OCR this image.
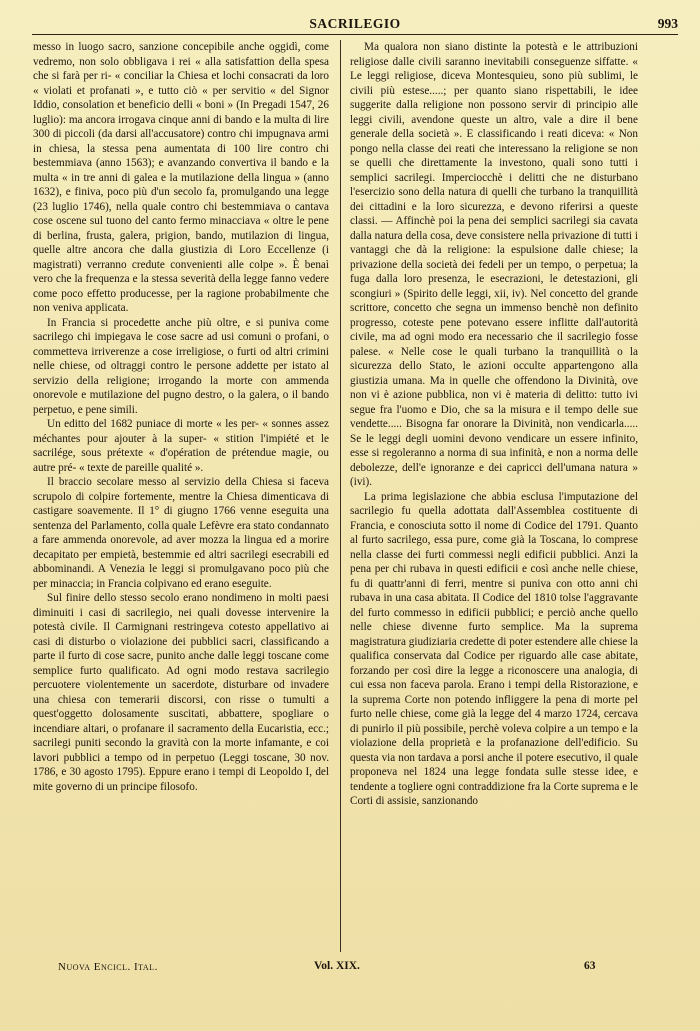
SACRILEGIO	993

messo in luogo sacro, sanzione concepibile anche oggidì, come vedremo, non solo obbligava i rei « alla satisfattion della spesa che si farà per ri- « conciliar la Chiesa et lochi consacrati da loro « violati et profanati », e tutto ciò « per servitio « del Signor Iddio, consolation et beneficio delli « boni » (In Pregadi 1547, 26 luglio): ma ancora irrogava cinque anni di bando e la multa di lire 300 di piccoli (da darsi all'accusatore) contro chi impugnava armi in chiesa, la stessa pena aumentata di 100 lire contro chi bestemmiava (anno 1563); e avanzando convertiva il bando e la multa « in tre anni di galea e la mutilazione della lingua » (anno 1632), e finiva, poco più d'un secolo fa, promulgando una legge (23 luglio 1746), nella quale contro chi bestemmiava o cantava cose oscene sul tuono del canto fermo minacciava « oltre le pene di berlina, frusta, galera, prigion, bando, mutilazion di lingua, quelle altre ancora che dalla giustizia di Loro Eccellenze (i magistrati) verranno credute convenienti alle colpe ». È benaì vero che la frequenza e la stessa severità della legge fanno vedere come poco effetto producesse, per la ragione probabilmente che non veniva applicata.

In Francia si procedette anche più oltre, e si puniva come sacrilego chi impiegava le cose sacre ad usi comuni o profani, o commetteva irriverenze a cose irreligiose, o furti od altri crimini nelle chiese, od oltraggi contro le persone addette per istato al servizio della religione; irrogando la morte con ammenda onorevole e mutilazione del pugno destro, o la galera, o il bando perpetuo, e pene simili.

Un editto del 1682 puniace di morte « les per- « sonnes assez méchantes pour ajouter à la super- « stition l'impiété et le sacrilége, sous prétexte « d'opération de prétendue magie, ou autre pré- « texte de pareille qualité ».

Il braccio secolare messo al servizio della Chiesa si faceva scrupolo di colpire fortemente, mentre la Chiesa dimenticava di castigare soavemente. Il 1° di giugno 1766 venne eseguita una sentenza del Parlamento, colla quale Lefèvre era stato condannato a fare ammenda onorevole, ad aver mozza la lingua ed a morire decapitato per empietà, bestemmie ed altri sacrilegi esecrabili ed abbominandi. A Venezia le leggi si promulgavano poco più che per minaccia; in Francia colpivano ed erano eseguite.

Sul finire dello stesso secolo erano nondimeno in molti paesi diminuiti i casi di sacrilegio, nei quali dovesse intervenire la potestà civile. Il Carmignani restringeva cotesto appellativo ai casi di disturbo o violazione dei pubblici sacri, classificando a parte il furto di cose sacre, punito anche dalle leggi toscane come semplice furto qualificato. Ad ogni modo restava sacrilegio percuotere violentemente un sacerdote, disturbare od invadere una chiesa con temerarii discorsi, con risse o tumulti a quest'oggetto dolosamente suscitati, abbattere, spogliare o incendiare altari, o profanare il sacramento della Eucaristia, ecc.; sacrilegi puniti secondo la gravità con la morte infamante, e coi lavori pubblici a tempo od in perpetuo (Leggi toscane, 30 nov. 1786, e 30 agosto 1795). Eppure erano i tempi di Leopoldo I, del mite governo di un principe filosofo.

Ma qualora non siano distinte la potestà e le attribuzioni religiose dalle civili saranno inevitabili conseguenze siffatte. « Le leggi religiose, diceva Montesquieu, sono più sublimi, le civili più estese.....; per quanto siano rispettabili, le idee suggerite dalla religione non possono servir di principio alle leggi civili, avendone queste un altro, vale a dire il bene generale della società ». E classificando i reati diceva: « Non pongo nella classe dei reati che interessano la religione se non se quelli che direttamente la investono, quali sono tutti i semplici sacrilegi. Imperciocchè i delitti che ne disturbano l'esercizio sono della natura di quelli che turbano la tranquillità dei cittadini e la loro sicurezza, e devono riferirsi a queste classi. — Affinchè poi la pena dei semplici sacrilegi sia cavata dalla natura della cosa, deve consistere nella privazione di tutti i vantaggi che dà la religione: la espulsione dalle chiese; la privazione della società dei fedeli per un tempo, o perpetua; la fuga dalla loro presenza, le esecrazioni, le detestazioni, gli scongiuri » (Spirito delle leggi, xii, iv). Nel concetto del grande scrittore, concetto che segna un immenso benchè non definito progresso, coteste pene potevano essere inflitte dall'autorità civile, ma ad ogni modo era necessario che il sacrilegio fosse palese. « Nelle cose le quali turbano la tranquillità o la sicurezza dello Stato, le azioni occulte appartengono alla giustizia umana. Ma in quelle che offendono la Divinità, ove non vi è azione pubblica, non vi è materia di delitto: tutto ivi segue fra l'uomo e Dio, che sa la misura e il tempo delle sue vendette..... Bisogna far onorare la Divinità, non vendicarla..... Se le leggi degli uomini devono vendicare un essere infinito, esse si regoleranno a norma di sua infinità, e non a norma delle debolezze, dell'e ignoranze e dei capricci dell'umana natura » (ivi).

La prima legislazione che abbia esclusa l'imputazione del sacrilegio fu quella adottata dall'Assemblea costituente di Francia, e conosciuta sotto il nome di Codice del 1791. Quanto al furto sacrilego, essa pure, come già la Toscana, lo comprese nella classe dei furti commessi negli edificii pubblici. Anzi la pena per chi rubava in questi edificii e così anche nelle chiese, fu di quattr'anni di ferri, mentre si puniva con otto anni chi rubava in una casa abitata. Il Codice del 1810 tolse l'aggravante del furto commesso in edificii pubblici; e perciò anche quello nelle chiese divenne furto semplice. Ma la suprema magistratura giudiziaria credette di poter estendere alle chiese la qualifica conservata dal Codice per riguardo alle case abitate, forzando per così dire la legge a riconoscere una analogia, di cui essa non faceva parola. Erano i tempi della Ristorazione, e la suprema Corte non potendo infliggere la pena di morte pel furto nelle chiese, come già la legge del 4 marzo 1724, cercava di punirlo il più possibile, perchè voleva colpire a un tempo e la violazione della proprietà e la profanazione dell'edificio. Su questa via non tardava a porsi anche il potere esecutivo, il quale proponeva nel 1824 una legge fondata sulle stesse idee, e tendente a togliere ogni contraddizione fra la Corte suprema e le Corti di assisie, sanzionando

Nuova Encicl. Ital.	Vol. XIX.	63
